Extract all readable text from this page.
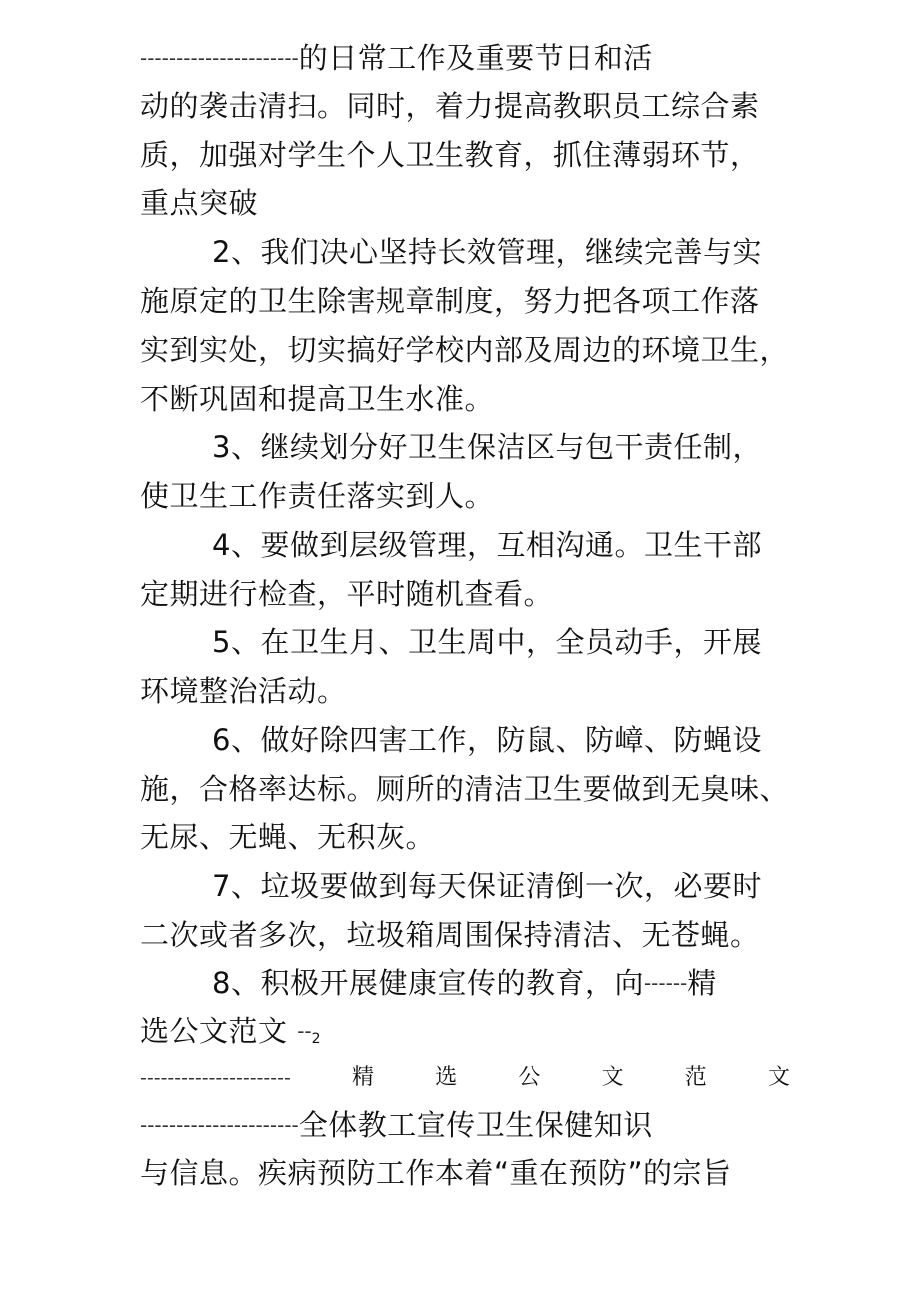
----------------------的日常工作及重要节日和活
动的袭击清扫。同时，着力提高教职员工综合素
质，加强对学生个人卫生教育，抓住薄弱环节，
重点突破
2、我们决心坚持长效管理，继续完善与实
施原定的卫生除害规章制度，努力把各项工作落
实到实处，切实搞好学校内部及周边的环境卫生，
不断巩固和提高卫生水准。
3、继续划分好卫生保洁区与包干责任制，
使卫生工作责任落实到人。
4、要做到层级管理，互相沟通。卫生干部
定期进行检查，平时随机查看。
5、在卫生月、卫生周中，全员动手，开展
环境整治活动。
6、做好除四害工作，防鼠、防嶂、防蝇设
施，合格率达标。厕所的清洁卫生要做到无臭味、
无尿、无蝇、无积灰。
7、垃圾要做到每天保证清倒一次，必要时
二次或者多次，垃圾箱周围保持清洁、无苍蝇。
8、积极开展健康宣传的教育，向------精
选公文范文 --2
----------------------	精	选	公	文	范	文
----------------------全体教工宣传卫生保健知识
与信息。疾病预防工作本着“重在预防”的宗旨
